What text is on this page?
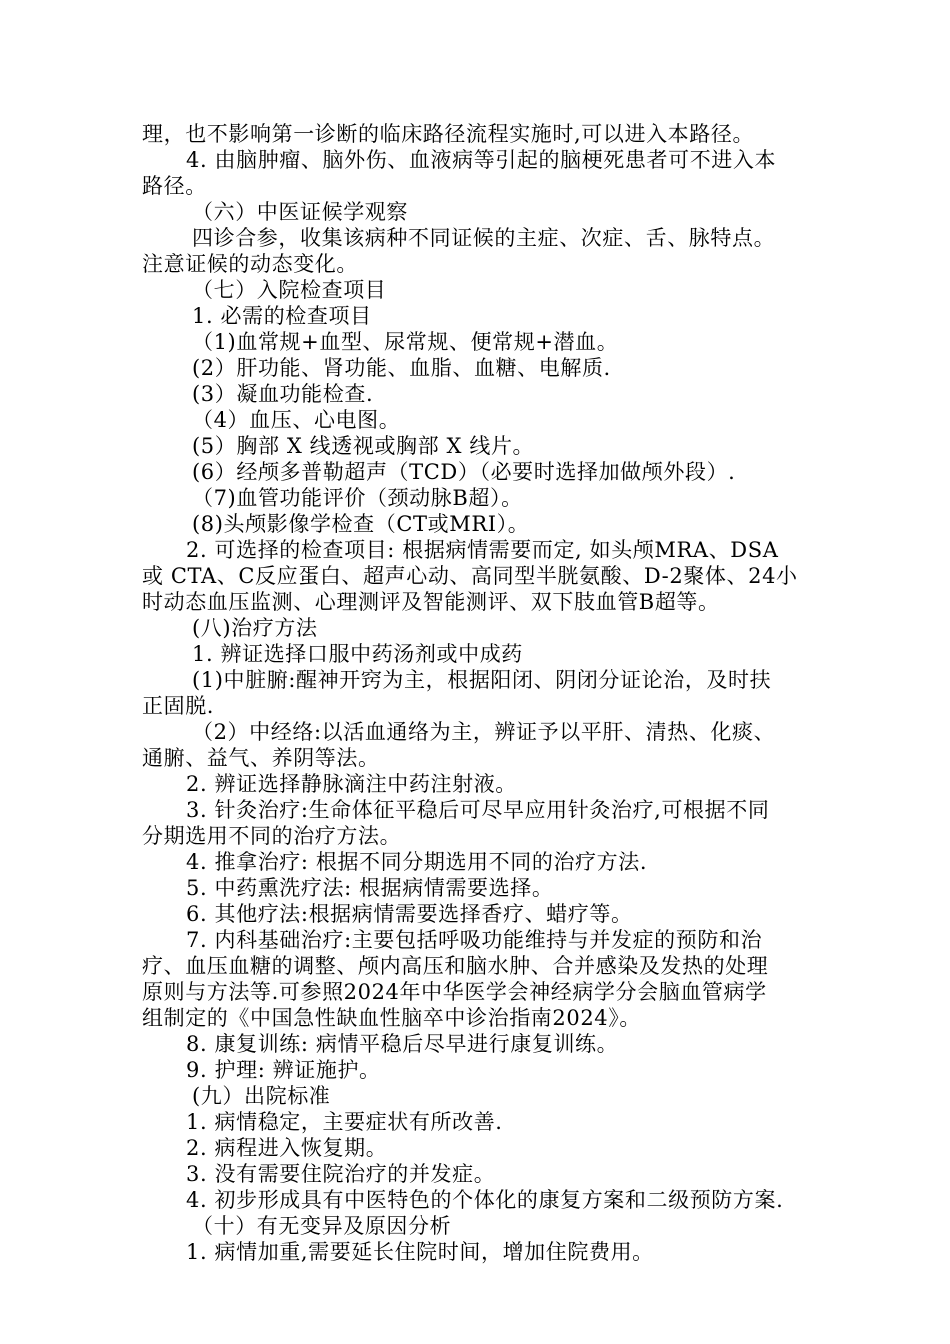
理，也不影响第一诊断的临床路径流程实施时,可以进入本路径。
4. 由脑肿瘤、脑外伤、血液病等引起的脑梗死患者可不进入本
路径。
（六）中医证候学观察
四诊合参，收集该病种不同证候的主症、次症、舌、脉特点。
注意证候的动态变化。
（七）入院检查项目
1. 必需的检查项目
（1)血常规+血型、尿常规、便常规+潜血。
(2）肝功能、肾功能、血脂、血糖、电解质.
(3）凝血功能检查.
（4）血压、心电图。
(5）胸部 X 线透视或胸部 X 线片。
(6）经颅多普勒超声（TCD）（必要时选择加做颅外段）.
（7)血管功能评价（颈动脉B超）。
(8)头颅影像学检查（CT或MRI）。
2. 可选择的检查项目: 根据病情需要而定, 如头颅MRA、DSA
或 CTA、C反应蛋白、超声心动、高同型半胱氨酸、D-2聚体、24小
时动态血压监测、心理测评及智能测评、双下肢血管B超等。
(八)治疗方法
1. 辨证选择口服中药汤剂或中成药
(1)中脏腑:醒神开窍为主，根据阳闭、阴闭分证论治，及时扶
正固脱.
（2）中经络:以活血通络为主，辨证予以平肝、清热、化痰、
通腑、益气、养阴等法。
2. 辨证选择静脉滴注中药注射液。
3. 针灸治疗:生命体征平稳后可尽早应用针灸治疗,可根据不同
分期选用不同的治疗方法。
4. 推拿治疗: 根据不同分期选用不同的治疗方法.
5. 中药熏洗疗法: 根据病情需要选择。
6. 其他疗法:根据病情需要选择香疗、蜡疗等。
7. 内科基础治疗:主要包括呼吸功能维持与并发症的预防和治
疗、血压血糖的调整、颅内高压和脑水肿、合并感染及发热的处理
原则与方法等.可参照2024年中华医学会神经病学分会脑血管病学
组制定的《中国急性缺血性脑卒中诊治指南2024》。
8. 康复训练: 病情平稳后尽早进行康复训练。
9. 护理: 辨证施护。
(九）出院标准
1. 病情稳定，主要症状有所改善.
2. 病程进入恢复期。
3. 没有需要住院治疗的并发症。
4. 初步形成具有中医特色的个体化的康复方案和二级预防方案.
（十）有无变异及原因分析
1. 病情加重,需要延长住院时间，增加住院费用。
